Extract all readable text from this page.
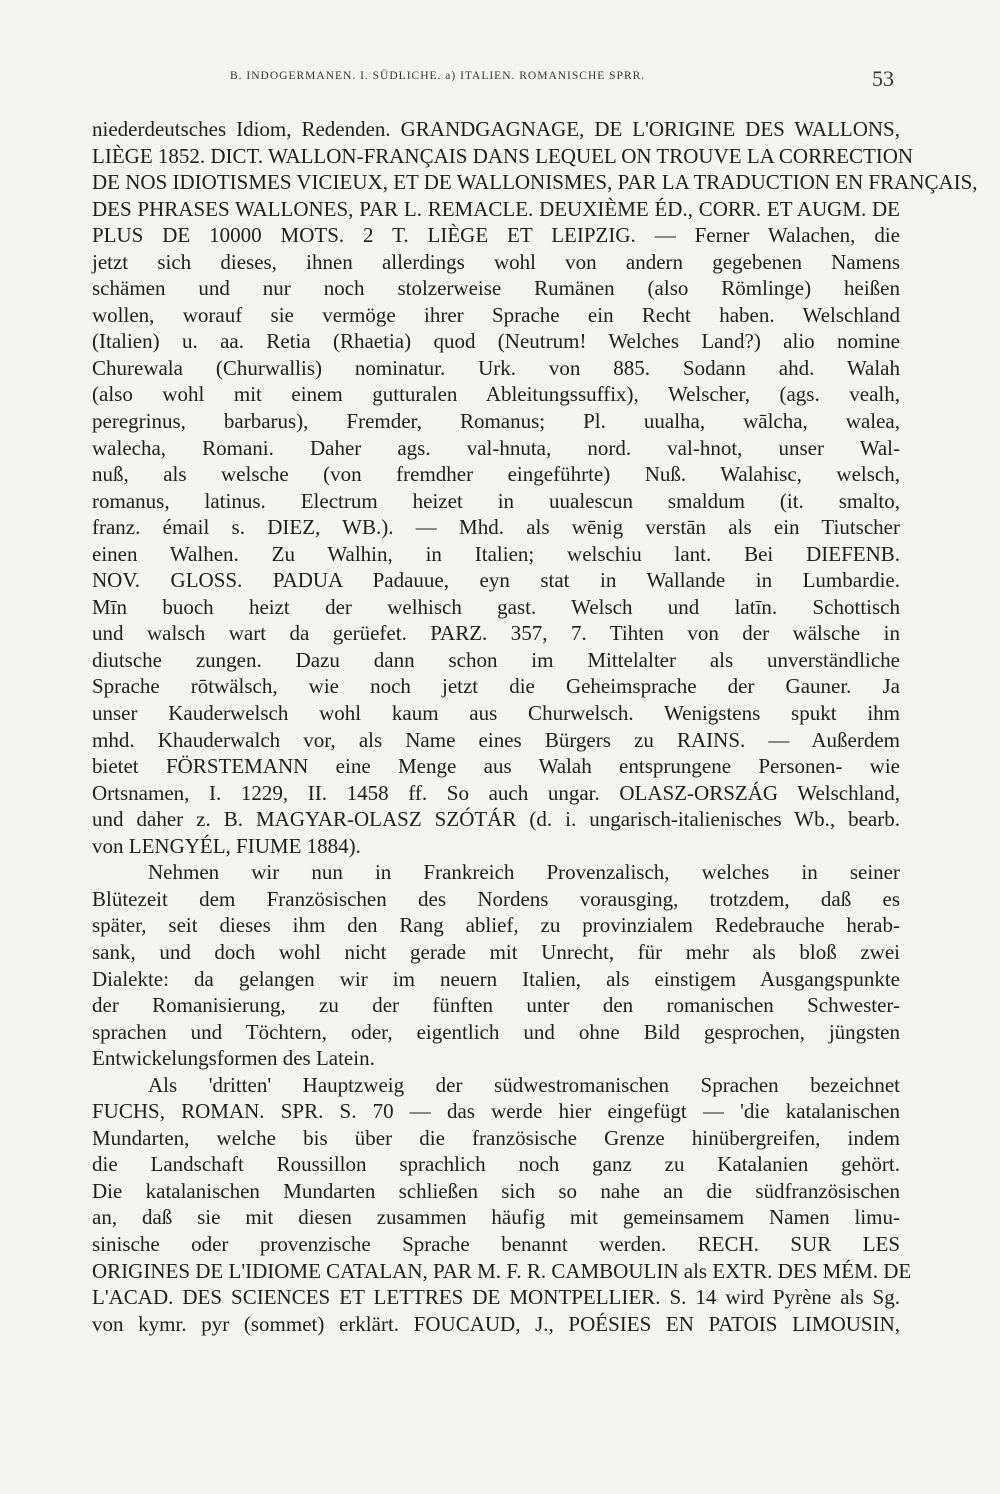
B. INDOGERMANEN. I. SÜDLICHE. a) ITALIEN. ROMANISCHE SPRR.	53
niederdeutsches Idiom, Redenden. GRANDGAGNAGE, DE L'ORIGINE DES WALLONS,
LIÈGE 1852. DICT. WALLON-FRANÇAIS DANS LEQUEL ON TROUVE LA CORRECTION
DE NOS IDIOTISMES VICIEUX, ET DE WALLONISMES, PAR LA TRADUCTION EN FRANÇAIS,
DES PHRASES WALLONES, PAR L. REMACLE. DEUXIÈME ÉD., CORR. ET AUGM. DE
PLUS DE 10000 MOTS. 2 T. LIÈGE ET LEIPZIG. — Ferner Walachen, die
jetzt sich dieses, ihnen allerdings wohl von andern gegebenen Namens
schämen und nur noch stolzerweise Rumänen (also Römlinge) heißen
wollen, worauf sie vermöge ihrer Sprache ein Recht haben. Welschland
(Italien) u. aa. Retia (Rhaetia) quod (Neutrum! Welches Land?) alio nomine
Churewala (Churwallis) nominatur. Urk. von 885. Sodann ahd. Walah
(also wohl mit einem gutturalen Ableitungssuffix), Welscher, (ags. vealh,
peregrinus, barbarus), Fremder, Romanus; Pl. uualha, wālcha, walea,
walecha, Romani. Daher ags. val-hnuta, nord. val-hnot, unser Wal-
nuß, als welsche (von fremdher eingeführte) Nuß. Walahisc, welsch,
romanus, latinus. Electrum heizet in uualescun smaldum (it. smalto,
franz. émail s. DIEZ, WB.). — Mhd. als wēnig verstān als ein Tiutscher
einen Walhen. Zu Walhin, in Italien; welschiu lant. Bei DIEFENB.
NOV. GLOSS. PADUA Padauue, eyn stat in Wallande in Lumbardie.
Mīn buoch heizt der welhisch gast. Welsch und latīn. Schottisch
und walsch wart da gerüefet. PARZ. 357, 7. Tihten von der wälsche in
diutsche zungen. Dazu dann schon im Mittelalter als unverständliche
Sprache rōtwälsch, wie noch jetzt die Geheimsprache der Gauner. Ja
unser Kauderwelsch wohl kaum aus Churwelsch. Wenigstens spukt ihm
mhd. Khauderwalch vor, als Name eines Bürgers zu RAINS. — Außerdem
bietet FÖRSTEMANN eine Menge aus Walah entsprungene Personen- wie
Ortsnamen, I. 1229, II. 1458 ff. So auch ungar. OLASZ-ORSZÁG Welschland,
und daher z. B. MAGYAR-OLASZ SZÓTÁR (d. i. ungarisch-italienisches Wb., bearb.
von LENGYÉL, FIUME 1884).
Nehmen wir nun in Frankreich Provenzalisch, welches in seiner
Blütezeit dem Französischen des Nordens vorausging, trotzdem, daß es
später, seit dieses ihm den Rang ablief, zu provinzialem Redebrauche herab-
sank, und doch wohl nicht gerade mit Unrecht, für mehr als bloß zwei
Dialekte: da gelangen wir im neuern Italien, als einstigem Ausgangspunkte
der Romanisierung, zu der fünften unter den romanischen Schwester-
sprachen und Töchtern, oder, eigentlich und ohne Bild gesprochen, jüngsten
Entwickelungsformen des Latein.
Als 'dritten' Hauptzweig der südwestromanischen Sprachen bezeichnet
FUCHS, ROMAN. SPR. S. 70 — das werde hier eingefügt — 'die katalanischen
Mundarten, welche bis über die französische Grenze hinübergreifen, indem
die Landschaft Roussillon sprachlich noch ganz zu Katalanien gehört.
Die katalanischen Mundarten schließen sich so nahe an die südfranzösischen
an, daß sie mit diesen zusammen häufig mit gemeinsamem Namen limu-
sinische oder provenzische Sprache benannt werden. RECH. SUR LES
ORIGINES DE L'IDIOME CATALAN, PAR M. F. R. CAMBOULIN als EXTR. DES MÉM. DE
L'ACAD. DES SCIENCES ET LETTRES DE MONTPELLIER. S. 14 wird Pyrène als Sg.
von kymr. pyr (sommet) erklärt. FOUCAUD, J., POÉSIES EN PATOIS LIMOUSIN,
